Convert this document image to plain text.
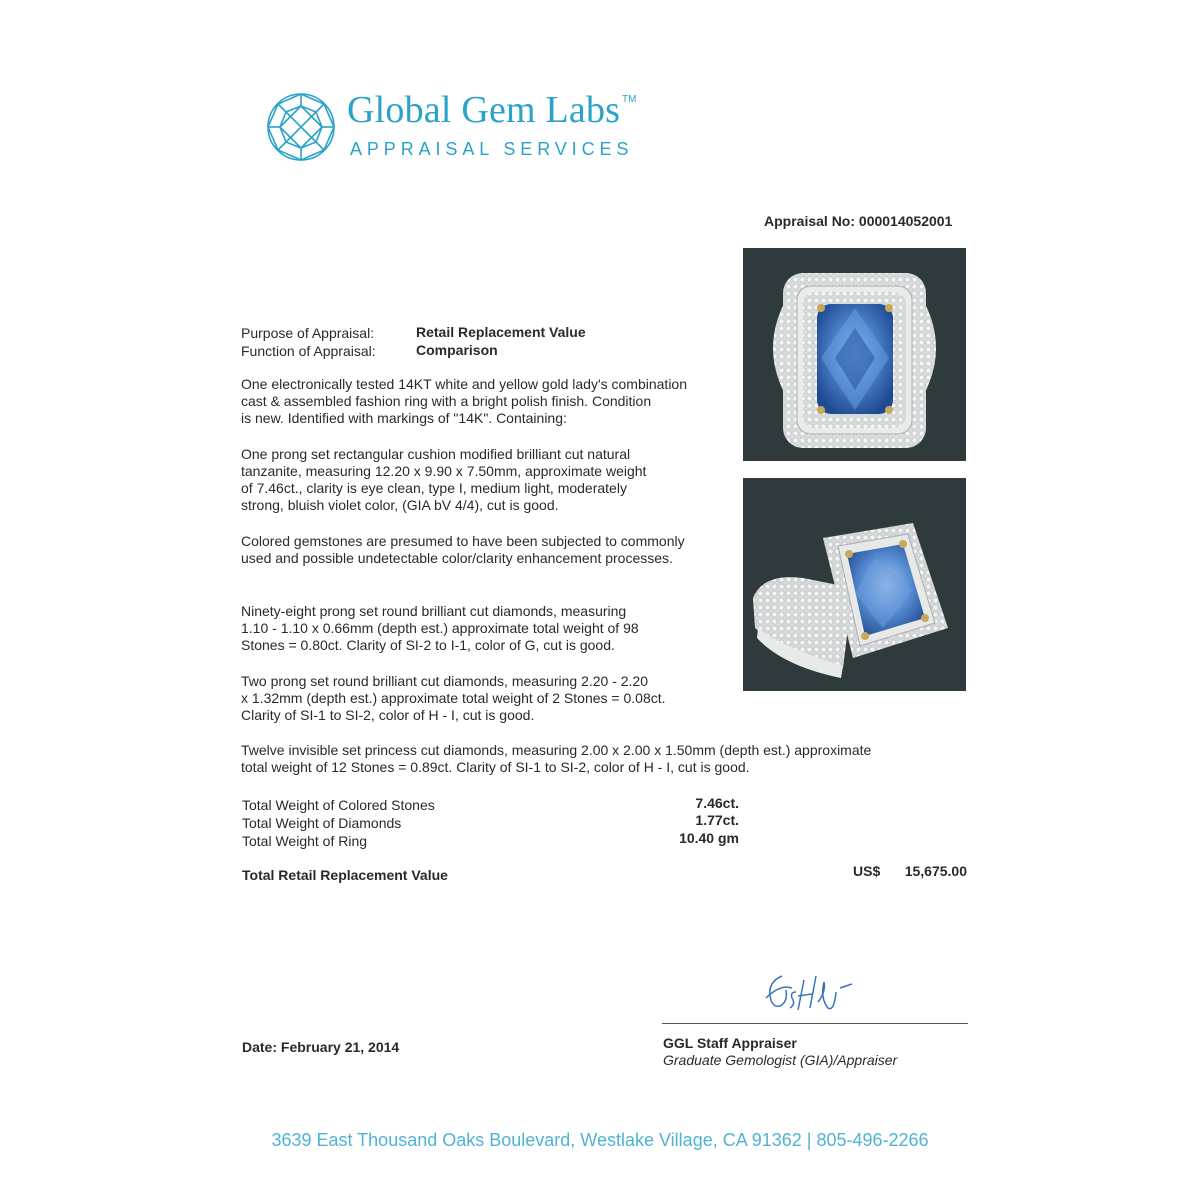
Global Gem Labs TM
APPRAISAL SERVICES
Appraisal No: 000014052001
Purpose of Appraisal:	Retail Replacement Value
Function of Appraisal:	Comparison
One electronically tested 14KT white and yellow gold lady's combination
cast & assembled fashion ring with a bright polish finish. Condition
is new. Identified with markings of "14K". Containing:
One prong set rectangular cushion modified brilliant cut natural
tanzanite, measuring 12.20 x 9.90 x 7.50mm, approximate weight
of 7.46ct., clarity is eye clean, type I, medium light, moderately
strong, bluish violet color, (GIA bV 4/4), cut is good.
Colored gemstones are presumed to have been subjected to commonly
used and possible undetectable color/clarity enhancement processes.
Ninety-eight prong set round brilliant cut diamonds, measuring
1.10 - 1.10 x 0.66mm (depth est.) approximate total weight of 98
Stones = 0.80ct. Clarity of SI-2 to I-1, color of G, cut is good.
Two prong set round brilliant cut diamonds, measuring 2.20 - 2.20
x 1.32mm (depth est.) approximate total weight of 2 Stones = 0.08ct.
Clarity of SI-1 to SI-2, color of H - I, cut is good.
Twelve invisible set princess cut diamonds, measuring 2.00 x 2.00 x 1.50mm (depth est.) approximate
total weight of 12 Stones = 0.89ct. Clarity of SI-1 to SI-2, color of H - I, cut is good.
Total Weight of Colored Stones	7.46ct.
Total Weight of Diamonds	1.77ct.
Total Weight of Ring	10.40 gm
Total Retail Replacement Value	US$ 15,675.00
Date: February 21, 2014	GGL Staff Appraiser
Graduate Gemologist (GIA)/Appraiser
3639 East Thousand Oaks Boulevard, Westlake Village, CA 91362 | 805-496-2266
